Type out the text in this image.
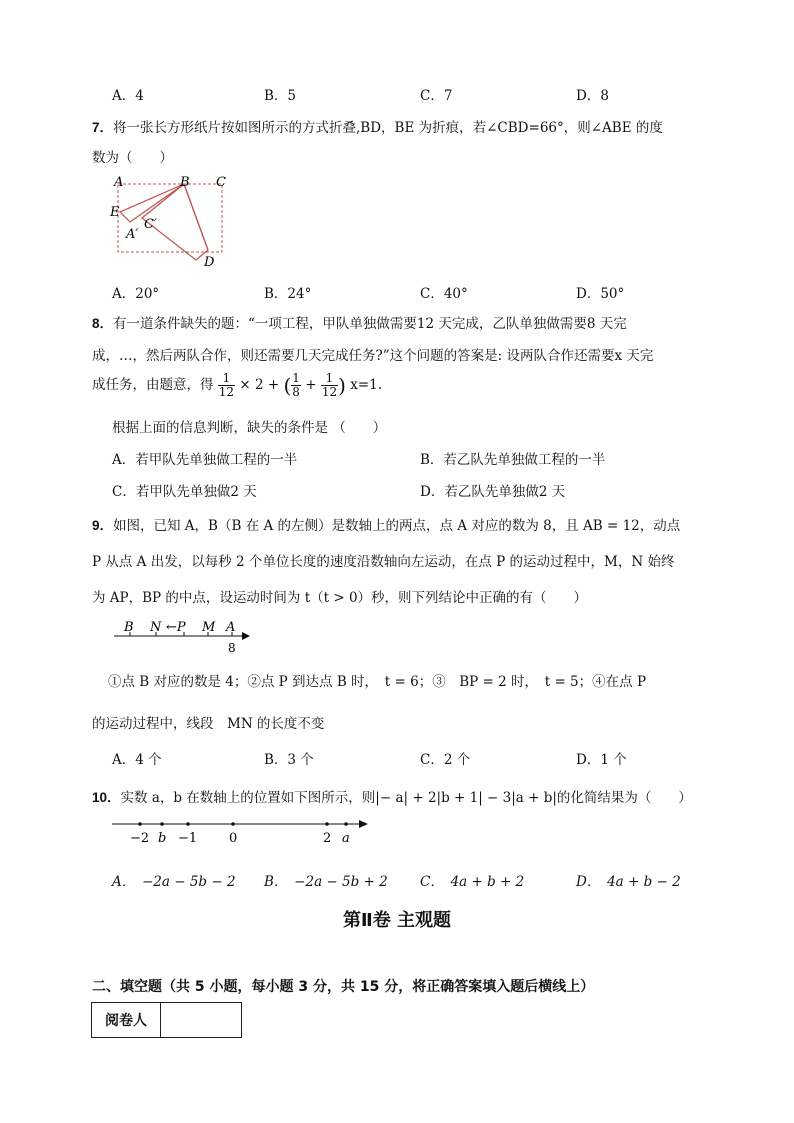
A．4	B．5	C．7	D．8
7．将一张长方形纸片按如图所示的方式折叠,BD，BE 为折痕，若∠CBD=66°，则∠ABE 的度
数为（　　）
A	B C
E
C′
A′
D
A．20°	B．24°	C．40°	D．50°
8．有一道条件缺失的题：“一项工程，甲队单独做需要12 天完成，乙队单独做需要8 天完
成，…，然后两队合作，则还需要几天完成任务?”这个问题的答案是: 设两队合作还需要x 天完
成任务，由题意，得 $\frac{1}{12} \times 2$ + ( $\frac{1}{8} + \frac{1}{12}$ ) x=1.
根据上面的信息判断，缺失的条件是 （　　）
A．若甲队先单独做工程的一半	B．若乙队先单独做工程的一半
C．若甲队先单独做2 天	D．若乙队先单独做2 天
9．如图，已知 A，B（B 在 A 的左侧）是数轴上的两点，点 A 对应的数为 8，且 AB = 12，动点
P 从点 A 出发，以每秒 2 个单位长度的速度沿数轴向左运动，在点 P 的运动过程中，M，N 始终
为 AP，BP 的中点，设运动时间为 t（t > 0）秒，则下列结论中正确的有（　　）
B N ←P M A
8
①点 B 对应的数是 4；②点 P 到达点 B 时，　t = 6；③　BP = 2 时，　t = 5；④在点 P
的运动过程中，线段　MN 的长度不变
A．4 个	B．3 个	C．2 个	D．1 个
10．实数 a，b 在数轴上的位置如下图所示，则|− a| + 2|b + 1| − 3|a + b|的化简结果为（　　）
−2 b −1 0	2 a
A．　−2a − 5b − 2 B．　−2a − 5b + 2 C．　4a + b + 2	D．　4a + b − 2
第Ⅱ卷 主观题
二、填空题（共 5 小题，每小题 3 分，共 15 分，将正确答案填入题后横线上）
阅卷人	
